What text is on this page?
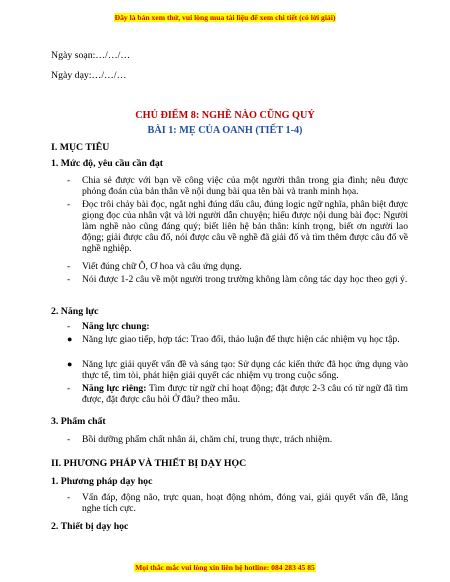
Đây là bản xem thử, vui lòng mua tài liệu để xem chi tiết (có lời giải)
Ngày soạn:…/…/…
Ngày dạy:…/…/…
CHỦ ĐIỂM 8: NGHỀ NÀO CŨNG QUÝ
BÀI 1: MẸ CỦA OANH (TIẾT 1-4)
I. MỤC TIÊU
1. Mức độ, yêu cầu cần đạt
- Chia sẻ được với bạn về công việc của một người thân trong gia đình; nêu được phỏng đoán của bản thân về nội dung bài qua tên bài và tranh minh họa.
- Đọc trôi chảy bài đọc, ngắt nghỉ đúng dấu câu, đúng logic ngữ nghĩa, phân biệt được giọng đọc của nhân vật và lời người dẫn chuyện; hiểu được nội dung bài đọc: Người làm nghề nào cũng đáng quý; biết liên hệ bản thân: kính trọng, biết ơn người lao động; giải được câu đố, nói được câu về nghề đã giải đố và tìm thêm được câu đố về nghề nghiệp.
- Viết đúng chữ Ô, Ơ hoa và câu ứng dụng.
- Nói được 1-2 câu về một người trong trường không làm công tác dạy học theo gợi ý.
2. Năng lực
- Năng lực chung:
● Năng lực giao tiếp, hợp tác: Trao đổi, thảo luận để thực hiện các nhiệm vụ học tập.
● Năng lực giải quyết vấn đề và sáng tạo: Sử dụng các kiến thức đã học ứng dụng vào thực tế, tìm tòi, phát hiện giải quyết các nhiệm vụ trong cuộc sống.
- Năng lực riêng: Tìm được từ ngữ chỉ hoạt động; đặt được 2-3 câu có từ ngữ đã tìm được, đặt được câu hỏi Ở đâu? theo mẫu.
3. Phẩm chất
- Bồi dưỡng phẩm chất nhân ái, chăm chỉ, trung thực, trách nhiệm.
II. PHƯƠNG PHÁP VÀ THIẾT BỊ DẠY HỌC
1. Phương pháp dạy học
- Vấn đáp, động não, trực quan, hoạt động nhóm, đóng vai, giải quyết vấn đề, lắng nghe tích cực.
2. Thiết bị dạy học
Mọi thắc mắc vui lòng xin liên hệ hotline: 084 283 45 85
